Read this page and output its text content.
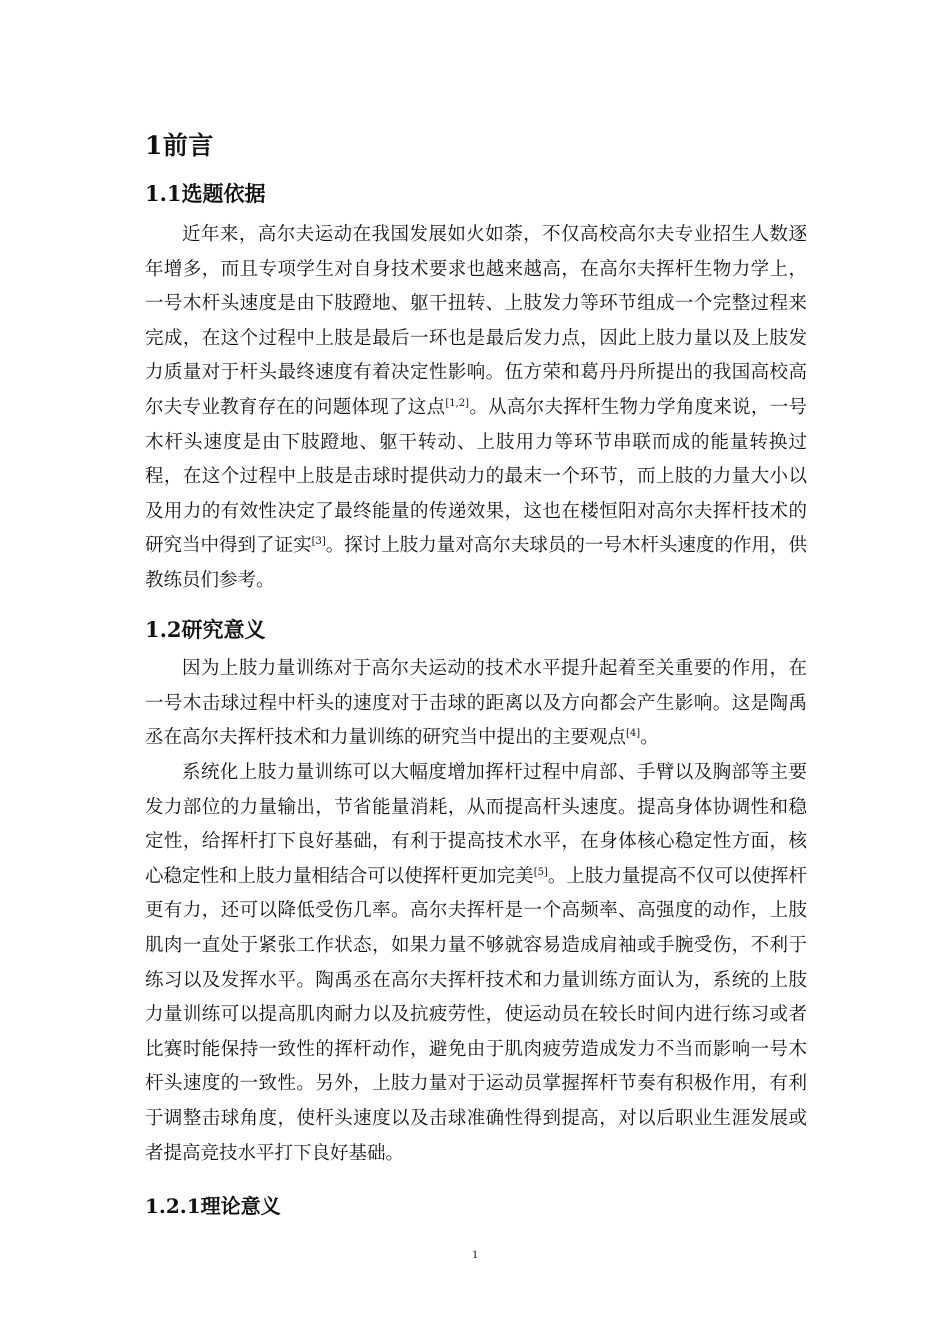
1前言
1.1选题依据

近年来，高尔夫运动在我国发展如火如荼，不仅高校高尔夫专业招生人数逐年增多，而且专项学生对自身技术要求也越来越高，在高尔夫挥杆生物力学上，一号木杆头速度是由下肢蹬地、躯干扭转、上肢发力等环节组成一个完整过程来完成，在这个过程中上肢是最后一环也是最后发力点，因此上肢力量以及上肢发力质量对于杆头最终速度有着决定性影响。伍方荣和葛丹丹所提出的我国高校高尔夫专业教育存在的问题体现了这点[1,2]。从高尔夫挥杆生物力学角度来说，一号木杆头速度是由下肢蹬地、躯干转动、上肢用力等环节串联而成的能量转换过程，在这个过程中上肢是击球时提供动力的最末一个环节，而上肢的力量大小以及用力的有效性决定了最终能量的传递效果，这也在楼恒阳对高尔夫挥杆技术的研究当中得到了证实[3]。探讨上肢力量对高尔夫球员的一号木杆头速度的作用，供教练员们参考。

1.2研究意义

因为上肢力量训练对于高尔夫运动的技术水平提升起着至关重要的作用，在一号木击球过程中杆头的速度对于击球的距离以及方向都会产生影响。这是陶禹丞在高尔夫挥杆技术和力量训练的研究当中提出的主要观点[4]。

系统化上肢力量训练可以大幅度增加挥杆过程中肩部、手臂以及胸部等主要发力部位的力量输出，节省能量消耗，从而提高杆头速度。提高身体协调性和稳定性，给挥杆打下良好基础，有利于提高技术水平，在身体核心稳定性方面，核心稳定性和上肢力量相结合可以使挥杆更加完美[5]。上肢力量提高不仅可以使挥杆更有力，还可以降低受伤几率。高尔夫挥杆是一个高频率、高强度的动作，上肢肌肉一直处于紧张工作状态，如果力量不够就容易造成肩袖或手腕受伤，不利于练习以及发挥水平。陶禹丞在高尔夫挥杆技术和力量训练方面认为，系统的上肢力量训练可以提高肌肉耐力以及抗疲劳性，使运动员在较长时间内进行练习或者比赛时能保持一致性的挥杆动作，避免由于肌肉疲劳造成发力不当而影响一号木杆头速度的一致性。另外，上肢力量对于运动员掌握挥杆节奏有积极作用，有利于调整击球角度，使杆头速度以及击球准确性得到提高，对以后职业生涯发展或者提高竞技水平打下良好基础。

1.2.1理论意义
1
